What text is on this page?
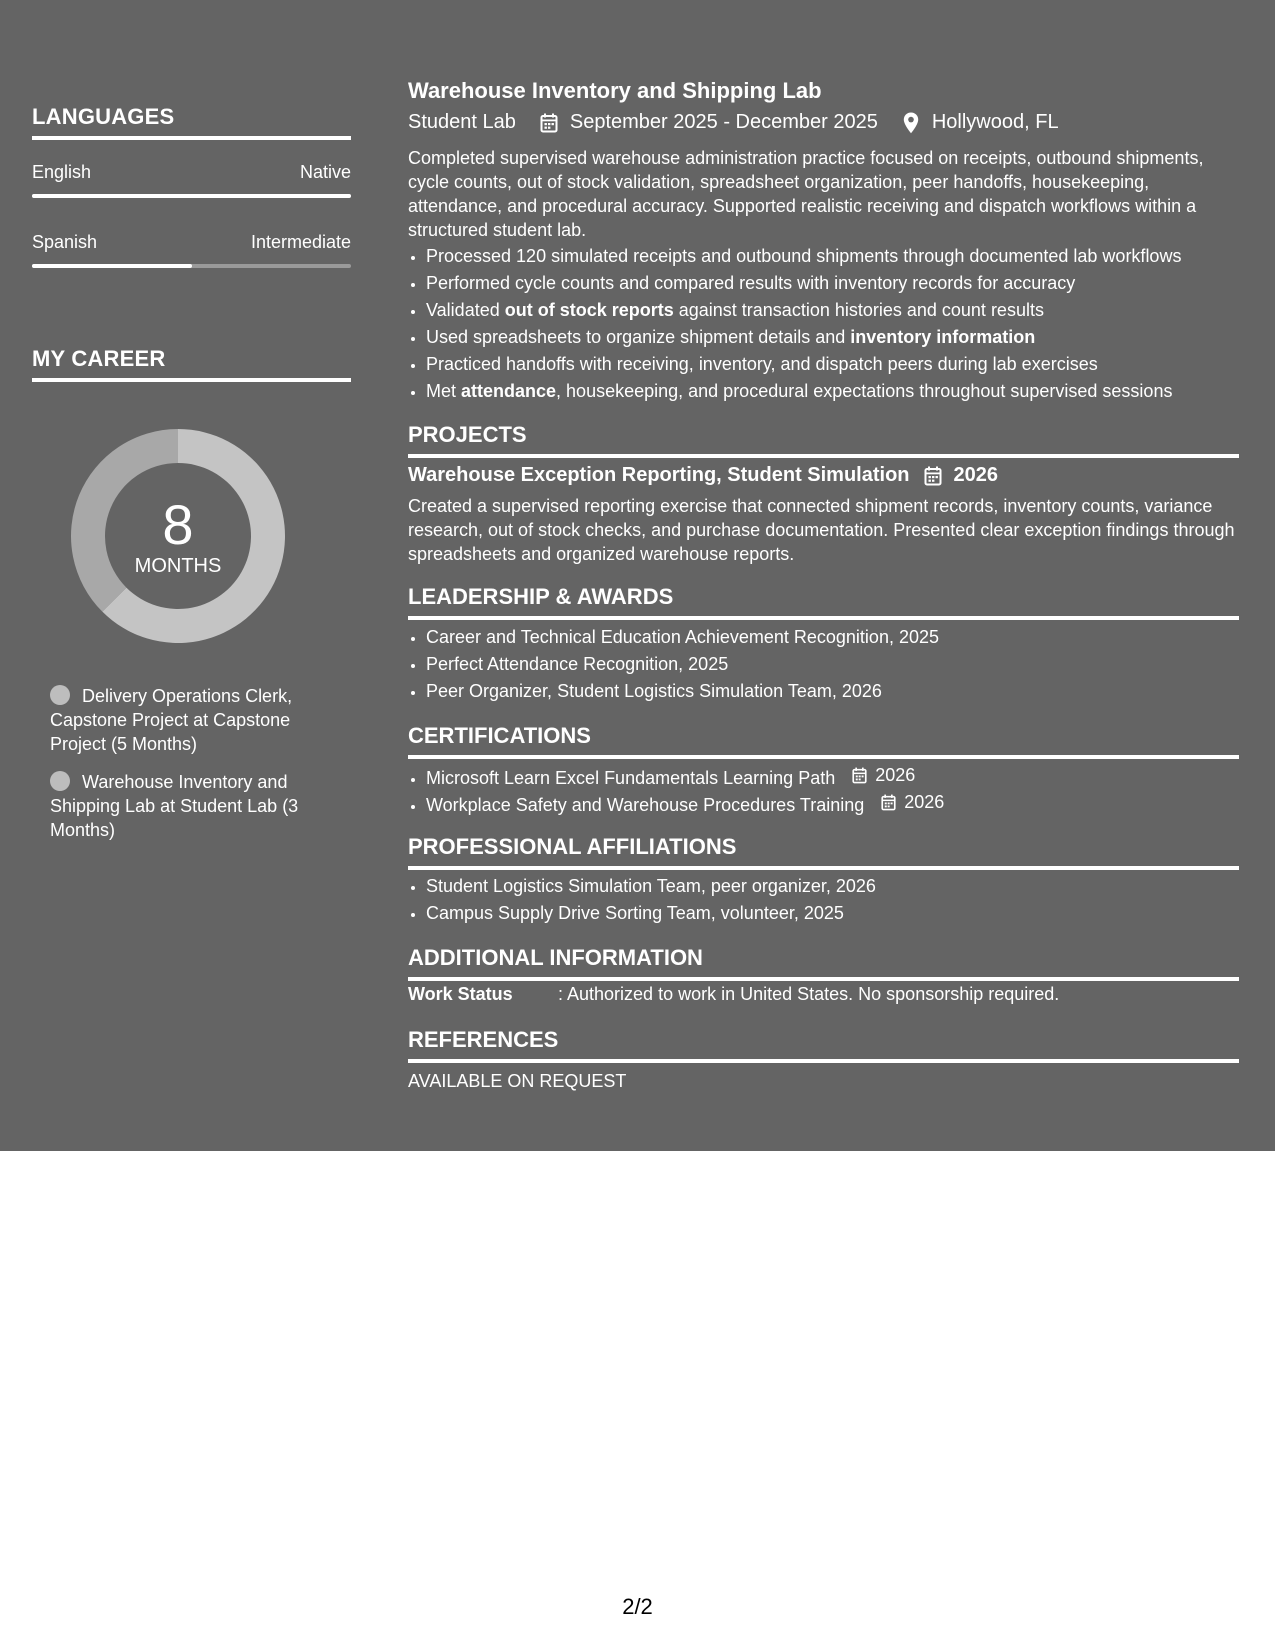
LANGUAGES
English	Native
Spanish	Intermediate
MY CAREER
8
MONTHS
Delivery Operations Clerk, Capstone Project at Capstone Project (5 Months)
Warehouse Inventory and Shipping Lab at Student Lab (3 Months)
Warehouse Inventory and Shipping Lab
Student Lab	September 2025 - December 2025	Hollywood, FL
Completed supervised warehouse administration practice focused on receipts, outbound shipments, cycle counts, out of stock validation, spreadsheet organization, peer handoffs, housekeeping, attendance, and procedural accuracy. Supported realistic receiving and dispatch workflows within a structured student lab.
• Processed 120 simulated receipts and outbound shipments through documented lab workflows
• Performed cycle counts and compared results with inventory records for accuracy
• Validated out of stock reports against transaction histories and count results
• Used spreadsheets to organize shipment details and inventory information
• Practiced handoffs with receiving, inventory, and dispatch peers during lab exercises
• Met attendance, housekeeping, and procedural expectations throughout supervised sessions
PROJECTS
Warehouse Exception Reporting, Student Simulation 2026
Created a supervised reporting exercise that connected shipment records, inventory counts, variance research, out of stock checks, and purchase documentation. Presented clear exception findings through spreadsheets and organized warehouse reports.
LEADERSHIP & AWARDS
• Career and Technical Education Achievement Recognition, 2025
• Perfect Attendance Recognition, 2025
• Peer Organizer, Student Logistics Simulation Team, 2026
CERTIFICATIONS
• Microsoft Learn Excel Fundamentals Learning Path 2026
• Workplace Safety and Warehouse Procedures Training 2026
PROFESSIONAL AFFILIATIONS
• Student Logistics Simulation Team, peer organizer, 2026
• Campus Supply Drive Sorting Team, volunteer, 2025
ADDITIONAL INFORMATION
Work Status	: Authorized to work in United States. No sponsorship required.
REFERENCES
AVAILABLE ON REQUEST
2/2
